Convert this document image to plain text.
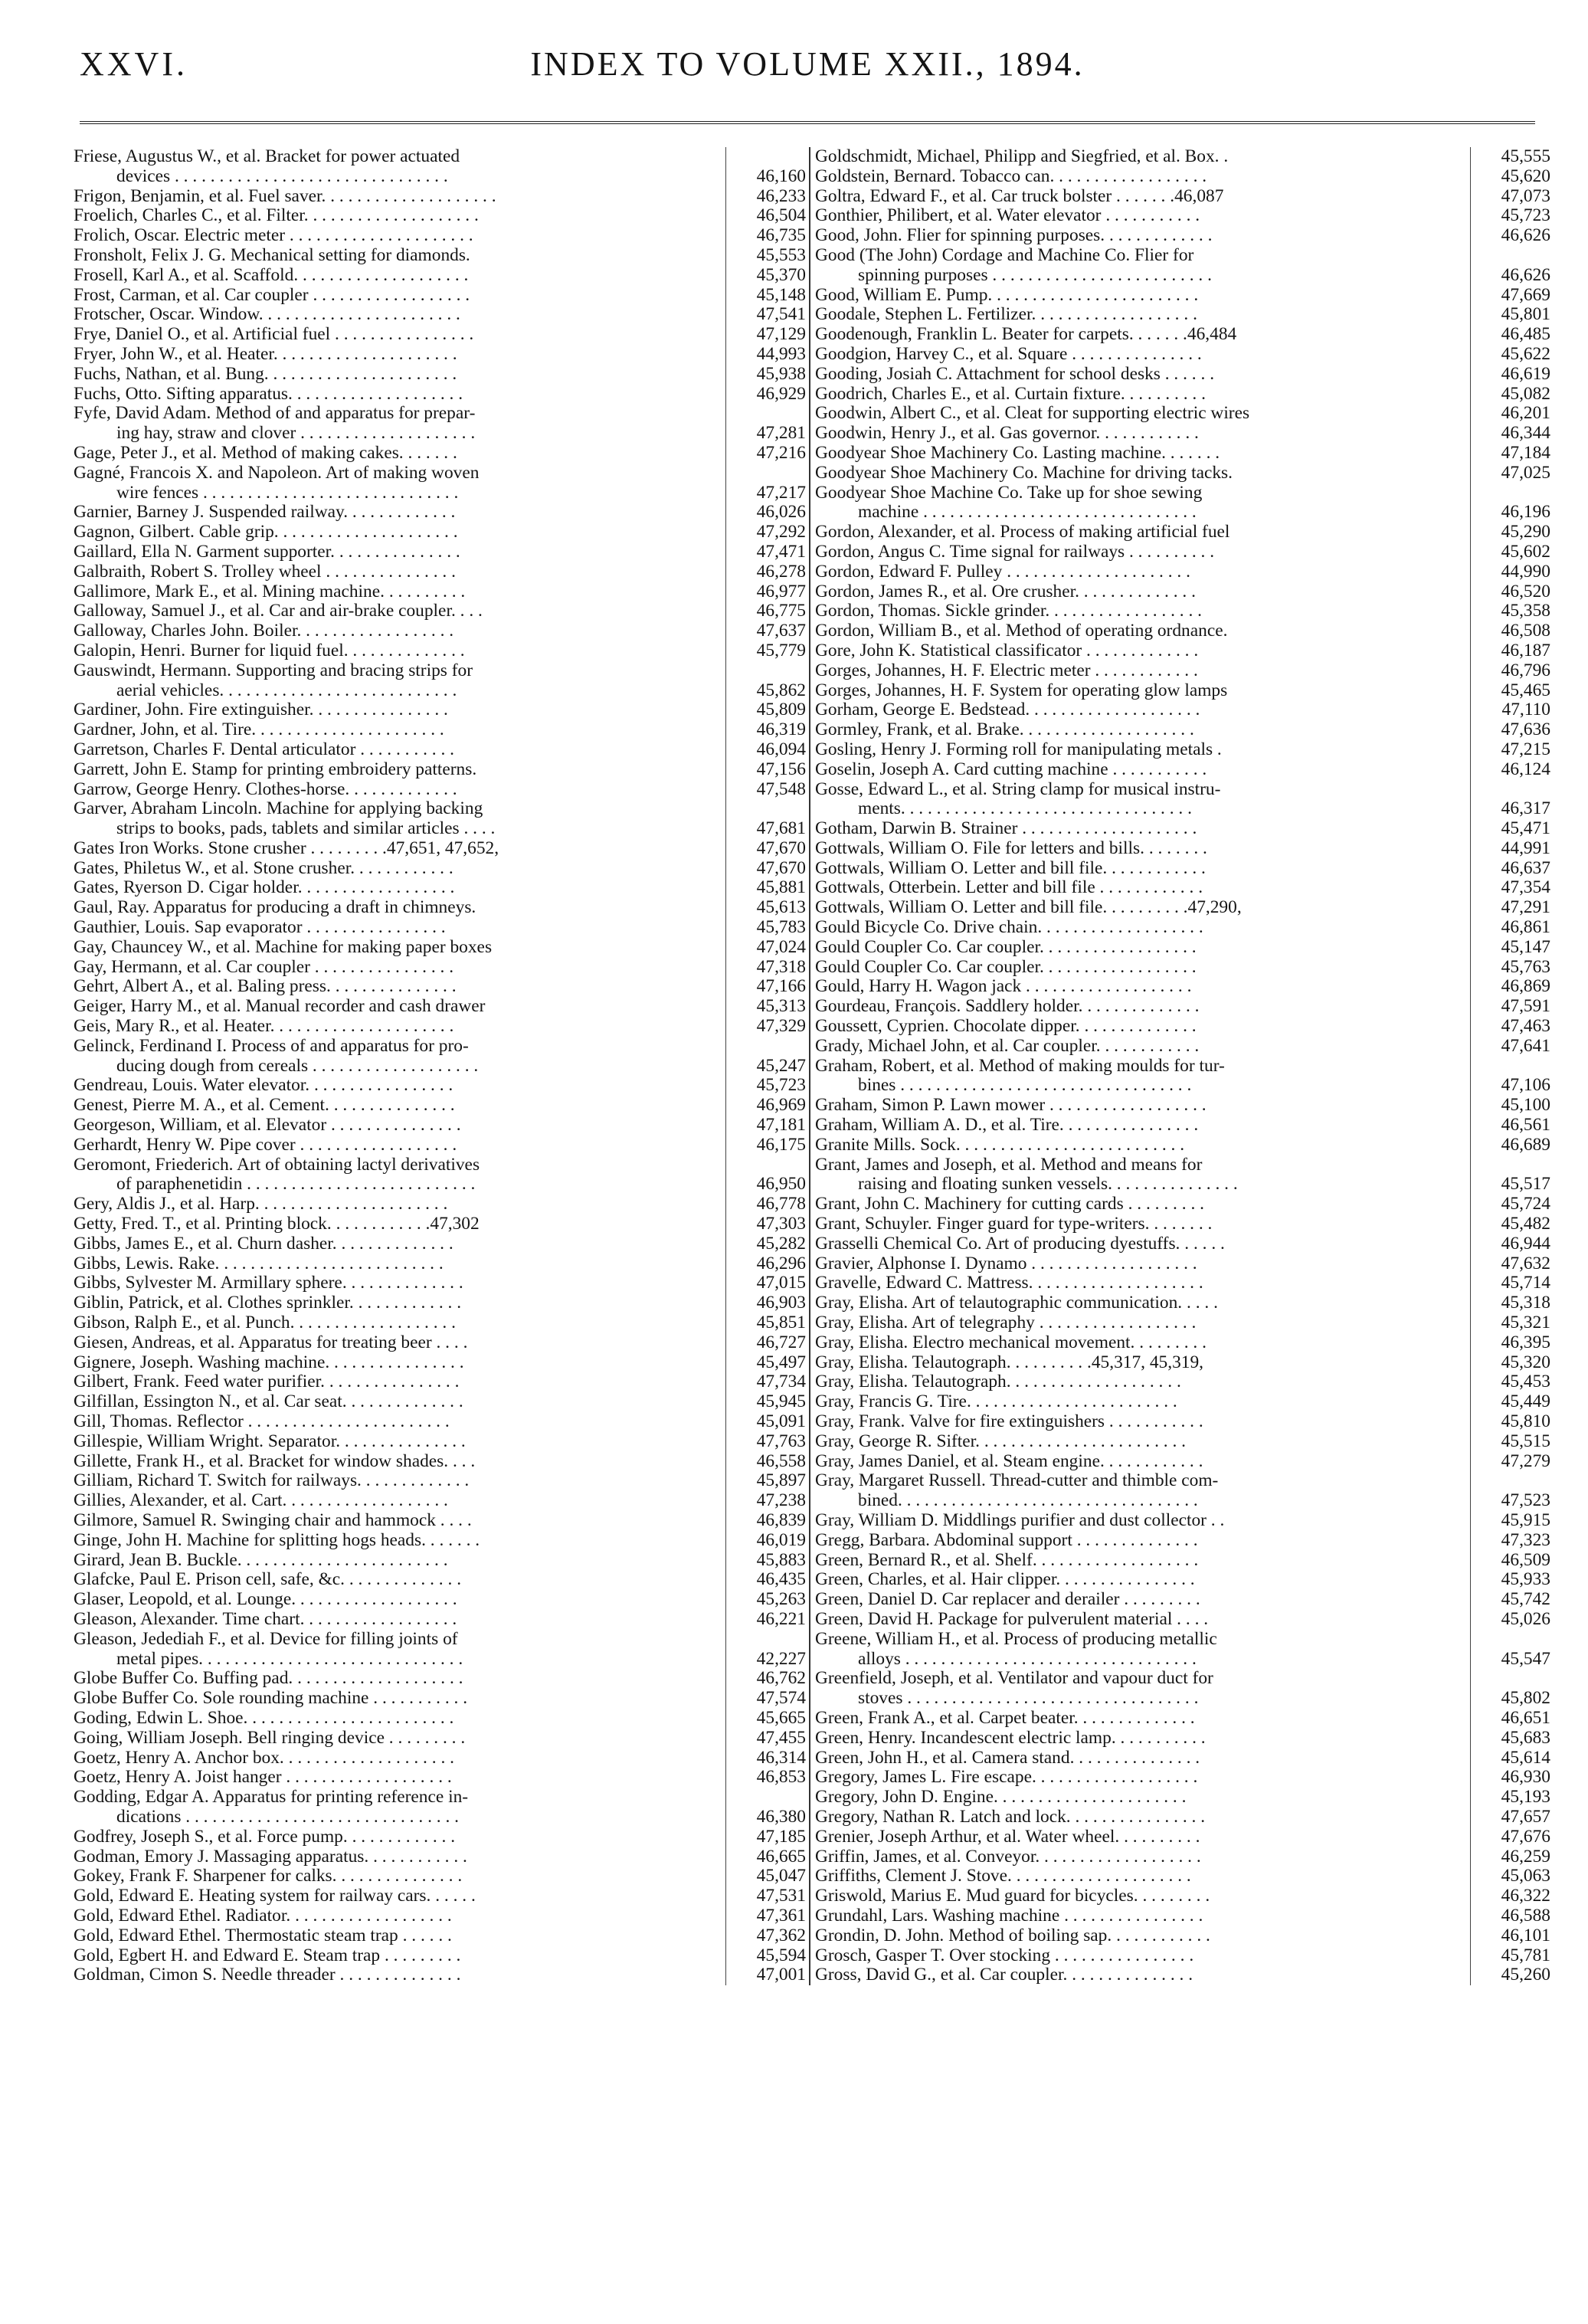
XXVI.	INDEX TO VOLUME XXII., 1894.
Friese, Augustus W., et al. Bracket for power actuated
devices . . . . . . . . . . . . . . . . . . . . . . . . . . . . . . .	46,160
Frigon, Benjamin, et al. Fuel saver. . . . . . . . . . . . . . . . . . . .	46,233
Froelich, Charles C., et al. Filter. . . . . . . . . . . . . . . . . . . .	46,504
Frolich, Oscar. Electric meter . . . . . . . . . . . . . . . . . . . . .	46,735
Fronsholt, Felix J. G. Mechanical setting for diamonds.	45,553
Frosell, Karl A., et al. Scaffold. . . . . . . . . . . . . . . . . . . .	45,370
Frost, Carman, et al. Car coupler . . . . . . . . . . . . . . . . . .	45,148
Frotscher, Oscar. Window. . . . . . . . . . . . . . . . . . . . . . .	47,541
Frye, Daniel O., et al. Artificial fuel . . . . . . . . . . . . . . . .	47,129
Fryer, John W., et al. Heater. . . . . . . . . . . . . . . . . . . . .	44,993
Fuchs, Nathan, et al. Bung. . . . . . . . . . . . . . . . . . . . . .	45,938
Fuchs, Otto. Sifting apparatus. . . . . . . . . . . . . . . . . . . .	46,929
Fyfe, David Adam. Method of and apparatus for prepar-
ing hay, straw and clover . . . . . . . . . . . . . . . . . . . .	47,281
Gage, Peter J., et al. Method of making cakes. . . . . . .	47,216
Gagné, Francois X. and Napoleon. Art of making woven
wire fences . . . . . . . . . . . . . . . . . . . . . . . . . . . . .	47,217
Garnier, Barney J. Suspended railway. . . . . . . . . . . . .	46,026
Gagnon, Gilbert. Cable grip. . . . . . . . . . . . . . . . . . . . .	47,292
Gaillard, Ella N. Garment supporter. . . . . . . . . . . . . . .	47,471
Galbraith, Robert S. Trolley wheel . . . . . . . . . . . . . . .	46,278
Gallimore, Mark E., et al. Mining machine. . . . . . . . . .	46,977
Galloway, Samuel J., et al. Car and air-brake coupler. . . .	46,775
Galloway, Charles John. Boiler. . . . . . . . . . . . . . . . . .	47,637
Galopin, Henri. Burner for liquid fuel. . . . . . . . . . . . . .	45,779
Gauswindt, Hermann. Supporting and bracing strips for
aerial vehicles. . . . . . . . . . . . . . . . . . . . . . . . . . .	45,862
Gardiner, John. Fire extinguisher. . . . . . . . . . . . . . . .	45,809
Gardner, John, et al. Tire. . . . . . . . . . . . . . . . . . . . . .	46,319
Garretson, Charles F. Dental articulator . . . . . . . . . . .	46,094
Garrett, John E. Stamp for printing embroidery patterns.	47,156
Garrow, George Henry. Clothes-horse. . . . . . . . . . . . .	47,548
Garver, Abraham Lincoln. Machine for applying backing
strips to books, pads, tablets and similar articles . . . .	47,681
Gates Iron Works. Stone crusher . . . . . . . . .47,651, 47,652,	47,670
Gates, Philetus W., et al. Stone crusher. . . . . . . . . . . .	47,670
Gates, Ryerson D. Cigar holder. . . . . . . . . . . . . . . . . .	45,881
Gaul, Ray. Apparatus for producing a draft in chimneys.	45,613
Gauthier, Louis. Sap evaporator . . . . . . . . . . . . . . . .	45,783
Gay, Chauncey W., et al. Machine for making paper boxes	47,024
Gay, Hermann, et al. Car coupler . . . . . . . . . . . . . . . .	47,318
Gehrt, Albert A., et al. Baling press. . . . . . . . . . . . . . .	47,166
Geiger, Harry M., et al. Manual recorder and cash drawer	45,313
Geis, Mary R., et al. Heater. . . . . . . . . . . . . . . . . . . . .	47,329
Gelinck, Ferdinand I. Process of and apparatus for pro-
ducing dough from cereals . . . . . . . . . . . . . . . . . . .	45,247
Gendreau, Louis. Water elevator. . . . . . . . . . . . . . . . .	45,723
Genest, Pierre M. A., et al. Cement. . . . . . . . . . . . . . .	46,969
Georgeson, William, et al. Elevator . . . . . . . . . . . . . . .	47,181
Gerhardt, Henry W. Pipe cover . . . . . . . . . . . . . . . . . .	46,175
Geromont, Friederich. Art of obtaining lactyl derivatives
of paraphenetidin . . . . . . . . . . . . . . . . . . . . . . . . . .	46,950
Gery, Aldis J., et al. Harp. . . . . . . . . . . . . . . . . . . . . .	46,778
Getty, Fred. T., et al. Printing block. . . . . . . . . . . .47,302	47,303
Gibbs, James E., et al. Churn dasher. . . . . . . . . . . . . .	45,282
Gibbs, Lewis. Rake. . . . . . . . . . . . . . . . . . . . . . . . . .	46,296
Gibbs, Sylvester M. Armillary sphere. . . . . . . . . . . . . .	47,015
Giblin, Patrick, et al. Clothes sprinkler. . . . . . . . . . . . .	46,903
Gibson, Ralph E., et al. Punch. . . . . . . . . . . . . . . . . . .	45,851
Giesen, Andreas, et al. Apparatus for treating beer . . . .	46,727
Gignere, Joseph. Washing machine. . . . . . . . . . . . . . . .	45,497
Gilbert, Frank. Feed water purifier. . . . . . . . . . . . . . . .	47,734
Gilfillan, Essington N., et al. Car seat. . . . . . . . . . . . . .	45,945
Gill, Thomas. Reflector . . . . . . . . . . . . . . . . . . . . . . .	45,091
Gillespie, William Wright. Separator. . . . . . . . . . . . . . .	47,763
Gillette, Frank H., et al. Bracket for window shades. . . .	46,558
Gilliam, Richard T. Switch for railways. . . . . . . . . . . . .	45,897
Gillies, Alexander, et al. Cart. . . . . . . . . . . . . . . . . . .	47,238
Gilmore, Samuel R. Swinging chair and hammock . . . .	46,839
Ginge, John H. Machine for splitting hogs heads. . . . . . .	46,019
Girard, Jean B. Buckle. . . . . . . . . . . . . . . . . . . . . . . .	45,883
Glafcke, Paul E. Prison cell, safe, &c. . . . . . . . . . . . . .	46,435
Glaser, Leopold, et al. Lounge. . . . . . . . . . . . . . . . . . .	45,263
Gleason, Alexander. Time chart. . . . . . . . . . . . . . . . . .	46,221
Gleason, Jedediah F., et al. Device for filling joints of
metal pipes. . . . . . . . . . . . . . . . . . . . . . . . . . . . . .	42,227
Globe Buffer Co. Buffing pad. . . . . . . . . . . . . . . . . . . .	46,762
Globe Buffer Co. Sole rounding machine . . . . . . . . . . .	47,574
Goding, Edwin L. Shoe. . . . . . . . . . . . . . . . . . . . . . . .	45,665
Going, William Joseph. Bell ringing device . . . . . . . . .	47,455
Goetz, Henry A. Anchor box. . . . . . . . . . . . . . . . . . . .	46,314
Goetz, Henry A. Joist hanger . . . . . . . . . . . . . . . . . . .	46,853
Godding, Edgar A. Apparatus for printing reference in-
dications . . . . . . . . . . . . . . . . . . . . . . . . . . . . . . .	46,380
Godfrey, Joseph S., et al. Force pump. . . . . . . . . . . . .	47,185
Godman, Emory J. Massaging apparatus. . . . . . . . . . . .	46,665
Gokey, Frank F. Sharpener for calks. . . . . . . . . . . . . . .	45,047
Gold, Edward E. Heating system for railway cars. . . . . .	47,531
Gold, Edward Ethel. Radiator. . . . . . . . . . . . . . . . . . .	47,361
Gold, Edward Ethel. Thermostatic steam trap . . . . . .	47,362
Gold, Egbert H. and Edward E. Steam trap . . . . . . . . .	45,594
Goldman, Cimon S. Needle threader . . . . . . . . . . . . . .	47,001
Goldschmidt, Michael, Philipp and Siegfried, et al. Box. .	45,555
Goldstein, Bernard. Tobacco can. . . . . . . . . . . . . . . . . .	45,620
Goltra, Edward F., et al. Car truck bolster . . . . . . .46,087	47,073
Gonthier, Philibert, et al. Water elevator . . . . . . . . . . .	45,723
Good, John. Flier for spinning purposes. . . . . . . . . . . . .	46,626
Good (The John) Cordage and Machine Co. Flier for
spinning purposes . . . . . . . . . . . . . . . . . . . . . . . . .	46,626
Good, William E. Pump. . . . . . . . . . . . . . . . . . . . . . . .	47,669
Goodale, Stephen L. Fertilizer. . . . . . . . . . . . . . . . . . .	45,801
Goodenough, Franklin L. Beater for carpets. . . . . . .46,484	46,485
Goodgion, Harvey C., et al. Square . . . . . . . . . . . . . . .	45,622
Gooding, Josiah C. Attachment for school desks . . . . . .	46,619
Goodrich, Charles E., et al. Curtain fixture. . . . . . . . . .	45,082
Goodwin, Albert C., et al. Cleat for supporting electric wires	46,201
Goodwin, Henry J., et al. Gas governor. . . . . . . . . . . .	46,344
Goodyear Shoe Machinery Co. Lasting machine. . . . . . .	47,184
Goodyear Shoe Machinery Co. Machine for driving tacks.	47,025
Goodyear Shoe Machine Co. Take up for shoe sewing
machine . . . . . . . . . . . . . . . . . . . . . . . . . . . . . . .	46,196
Gordon, Alexander, et al. Process of making artificial fuel	45,290
Gordon, Angus C. Time signal for railways . . . . . . . . . .	45,602
Gordon, Edward F. Pulley . . . . . . . . . . . . . . . . . . . . .	44,990
Gordon, James R., et al. Ore crusher. . . . . . . . . . . . . .	46,520
Gordon, Thomas. Sickle grinder. . . . . . . . . . . . . . . . . .	45,358
Gordon, William B., et al. Method of operating ordnance.	46,508
Gore, John K. Statistical classificator . . . . . . . . . . . . .	46,187
Gorges, Johannes, H. F. Electric meter . . . . . . . . . . . .	46,796
Gorges, Johannes, H. F. System for operating glow lamps	45,465
Gorham, George E. Bedstead. . . . . . . . . . . . . . . . . . . .	47,110
Gormley, Frank, et al. Brake. . . . . . . . . . . . . . . . . . . .	47,636
Gosling, Henry J. Forming roll for manipulating metals .	47,215
Goselin, Joseph A. Card cutting machine . . . . . . . . . . .	46,124
Gosse, Edward L., et al. String clamp for musical instru-
ments. . . . . . . . . . . . . . . . . . . . . . . . . . . . . . . . .	46,317
Gotham, Darwin B. Strainer . . . . . . . . . . . . . . . . . . . .	45,471
Gottwals, William O. File for letters and bills. . . . . . . .	44,991
Gottwals, William O. Letter and bill file. . . . . . . . . . . .	46,637
Gottwals, Otterbein. Letter and bill file . . . . . . . . . . . .	47,354
Gottwals, William O. Letter and bill file. . . . . . . . . .47,290,	47,291
Gould Bicycle Co. Drive chain. . . . . . . . . . . . . . . . . . .	46,861
Gould Coupler Co. Car coupler. . . . . . . . . . . . . . . . . .	45,147
Gould Coupler Co. Car coupler. . . . . . . . . . . . . . . . . .	45,763
Gould, Harry H. Wagon jack . . . . . . . . . . . . . . . . . . .	46,869
Gourdeau, François. Saddlery holder. . . . . . . . . . . . . .	47,591
Goussett, Cyprien. Chocolate dipper. . . . . . . . . . . . . .	47,463
Grady, Michael John, et al. Car coupler. . . . . . . . . . . .	47,641
Graham, Robert, et al. Method of making moulds for tur-
bines . . . . . . . . . . . . . . . . . . . . . . . . . . . . . . . . .	47,106
Graham, Simon P. Lawn mower . . . . . . . . . . . . . . . . . .	45,100
Graham, William A. D., et al. Tire. . . . . . . . . . . . . . . .	46,561
Granite Mills. Sock. . . . . . . . . . . . . . . . . . . . . . . . . .	46,689
Grant, James and Joseph, et al. Method and means for
raising and floating sunken vessels. . . . . . . . . . . . . . .	45,517
Grant, John C. Machinery for cutting cards . . . . . . . . .	45,724
Grant, Schuyler. Finger guard for type-writers. . . . . . . .	45,482
Grasselli Chemical Co. Art of producing dyestuffs. . . . . .	46,944
Gravier, Alphonse I. Dynamo . . . . . . . . . . . . . . . . . . .	47,632
Gravelle, Edward C. Mattress. . . . . . . . . . . . . . . . . . . .	45,714
Gray, Elisha. Art of telautographic communication. . . . .	45,318
Gray, Elisha. Art of telegraphy . . . . . . . . . . . . . . . . . .	45,321
Gray, Elisha. Electro mechanical movement. . . . . . . . .	46,395
Gray, Elisha. Telautograph. . . . . . . . . .45,317, 45,319,	45,320
Gray, Elisha. Telautograph. . . . . . . . . . . . . . . . . . . .	45,453
Gray, Francis G. Tire. . . . . . . . . . . . . . . . . . . . . . . .	45,449
Gray, Frank. Valve for fire extinguishers . . . . . . . . . . .	45,810
Gray, George R. Sifter. . . . . . . . . . . . . . . . . . . . . . . .	45,515
Gray, James Daniel, et al. Steam engine. . . . . . . . . . . .	47,279
Gray, Margaret Russell. Thread-cutter and thimble com-
bined. . . . . . . . . . . . . . . . . . . . . . . . . . . . . . . . . .	47,523
Gray, William D. Middlings purifier and dust collector . .	45,915
Gregg, Barbara. Abdominal support . . . . . . . . . . . . . .	47,323
Green, Bernard R., et al. Shelf. . . . . . . . . . . . . . . . . . .	46,509
Green, Charles, et al. Hair clipper. . . . . . . . . . . . . . . .	45,933
Green, Daniel D. Car replacer and derailer . . . . . . . . .	45,742
Green, David H. Package for pulverulent material . . . .	45,026
Greene, William H., et al. Process of producing metallic
alloys . . . . . . . . . . . . . . . . . . . . . . . . . . . . . . . . .	45,547
Greenfield, Joseph, et al. Ventilator and vapour duct for
stoves . . . . . . . . . . . . . . . . . . . . . . . . . . . . . . . . .	45,802
Green, Frank A., et al. Carpet beater. . . . . . . . . . . . . .	46,651
Green, Henry. Incandescent electric lamp. . . . . . . . . . .	45,683
Green, John H., et al. Camera stand. . . . . . . . . . . . . . .	45,614
Gregory, James L. Fire escape. . . . . . . . . . . . . . . . . . .	46,930
Gregory, John D. Engine. . . . . . . . . . . . . . . . . . . . . .	45,193
Gregory, Nathan R. Latch and lock. . . . . . . . . . . . . . . .	47,657
Grenier, Joseph Arthur, et al. Water wheel. . . . . . . . . .	47,676
Griffin, James, et al. Conveyor. . . . . . . . . . . . . . . . . . .	46,259
Griffiths, Clement J. Stove. . . . . . . . . . . . . . . . . . . . .	45,063
Griswold, Marius E. Mud guard for bicycles. . . . . . . . .	46,322
Grundahl, Lars. Washing machine . . . . . . . . . . . . . . . .	46,588
Grondin, D. John. Method of boiling sap. . . . . . . . . . . .	46,101
Grosch, Gasper T. Over stocking . . . . . . . . . . . . . . . .	45,781
Gross, David G., et al. Car coupler. . . . . . . . . . . . . . .	45,260
